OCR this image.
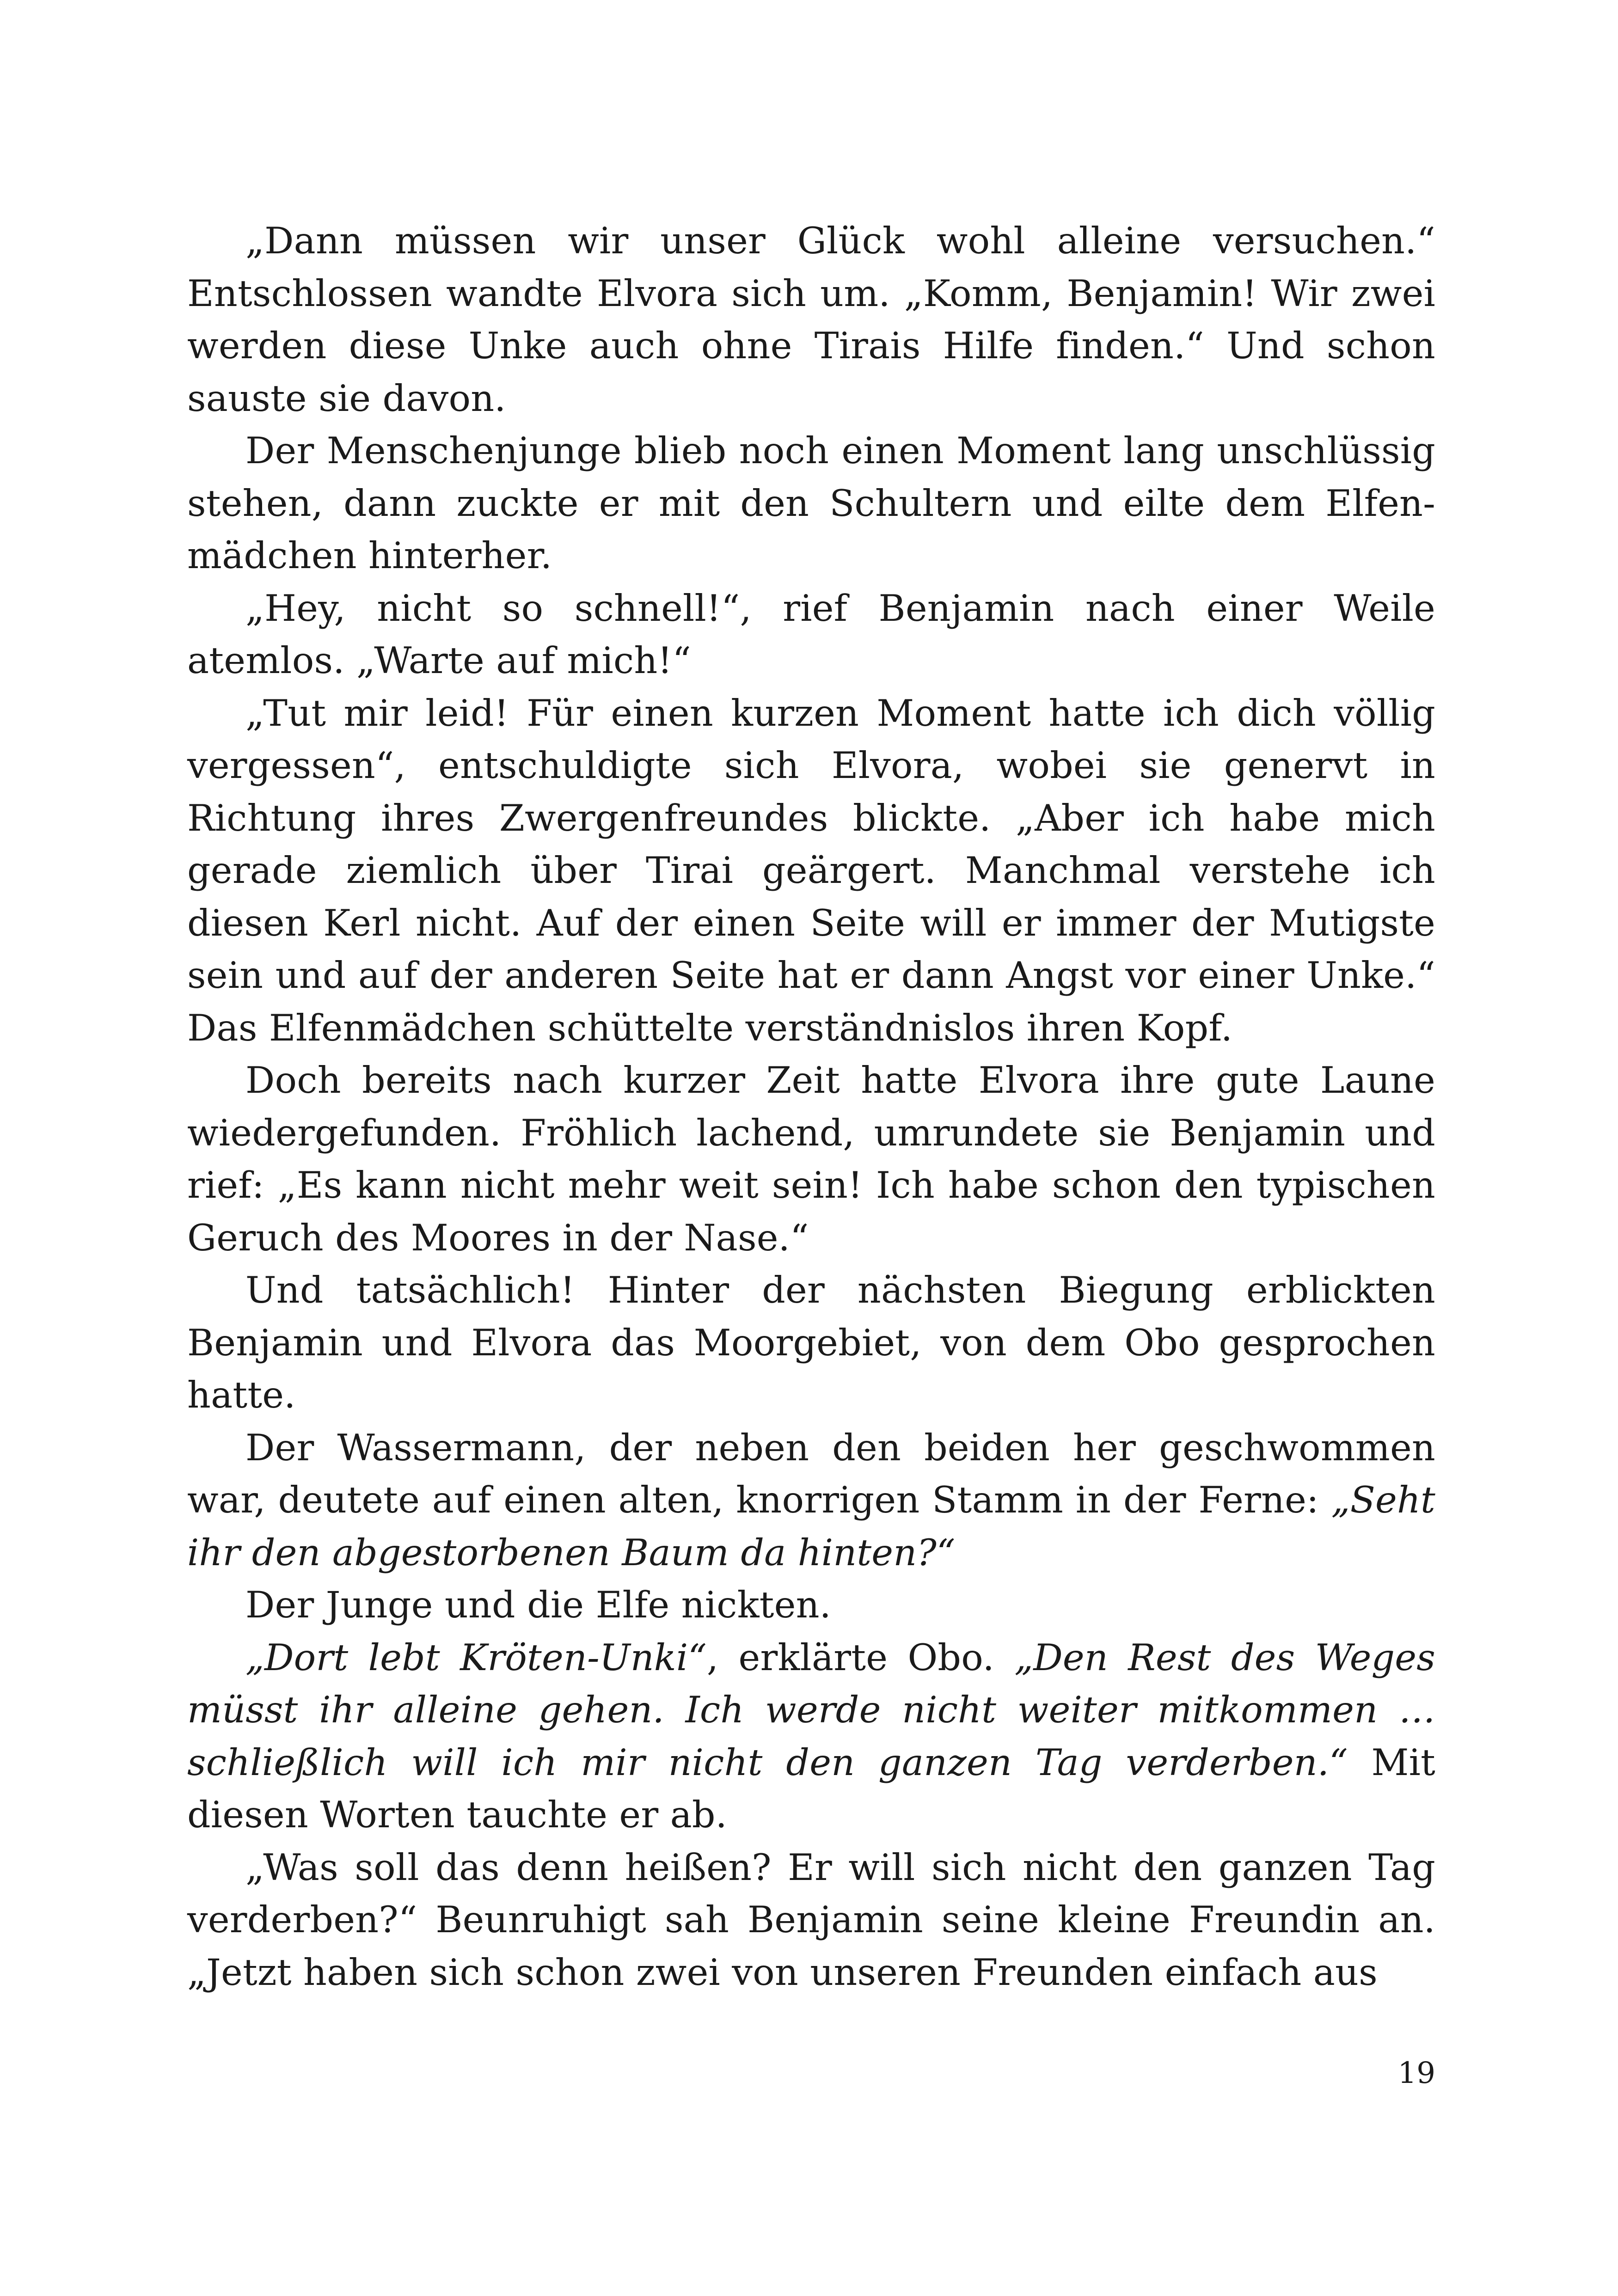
„Dann müssen wir unser Glück wohl alleine versuchen.“ Entschlossen wandte Elvora sich um. „Komm, Benjamin! Wir zwei werden diese Unke auch ohne Tirais Hilfe finden.“ Und schon sauste sie davon.

Der Menschenjunge blieb noch einen Moment lang unschlüssig stehen, dann zuckte er mit den Schultern und eilte dem Elfen-mädchen hinterher.

„Hey, nicht so schnell!“, rief Benjamin nach einer Weile atemlos. „Warte auf mich!“

„Tut mir leid! Für einen kurzen Moment hatte ich dich völlig vergessen“, entschuldigte sich Elvora, wobei sie genervt in Richtung ihres Zwergenfreundes blickte. „Aber ich habe mich gerade ziemlich über Tirai geärgert. Manchmal verstehe ich diesen Kerl nicht. Auf der einen Seite will er immer der Mutigste sein und auf der anderen Seite hat er dann Angst vor einer Unke.“ Das Elfenmädchen schüttelte verständnislos ihren Kopf.

Doch bereits nach kurzer Zeit hatte Elvora ihre gute Laune wiedergefunden. Fröhlich lachend, umrundete sie Benjamin und rief: „Es kann nicht mehr weit sein! Ich habe schon den typischen Geruch des Moores in der Nase.“

Und tatsächlich! Hinter der nächsten Biegung erblickten Benjamin und Elvora das Moorgebiet, von dem Obo gesprochen hatte.

Der Wassermann, der neben den beiden her geschwommen war, deutete auf einen alten, knorrigen Stamm in der Ferne: „Seht ihr den abgestorbenen Baum da hinten?“

Der Junge und die Elfe nickten.

„Dort lebt Kröten-Unki“, erklärte Obo. „Den Rest des Weges müsst ihr alleine gehen. Ich werde nicht weiter mitkommen … schließlich will ich mir nicht den ganzen Tag verderben.“ Mit diesen Worten tauchte er ab.

„Was soll das denn heißen? Er will sich nicht den ganzen Tag verderben?“ Beunruhigt sah Benjamin seine kleine Freundin an. „Jetzt haben sich schon zwei von unseren Freunden einfach aus

19
